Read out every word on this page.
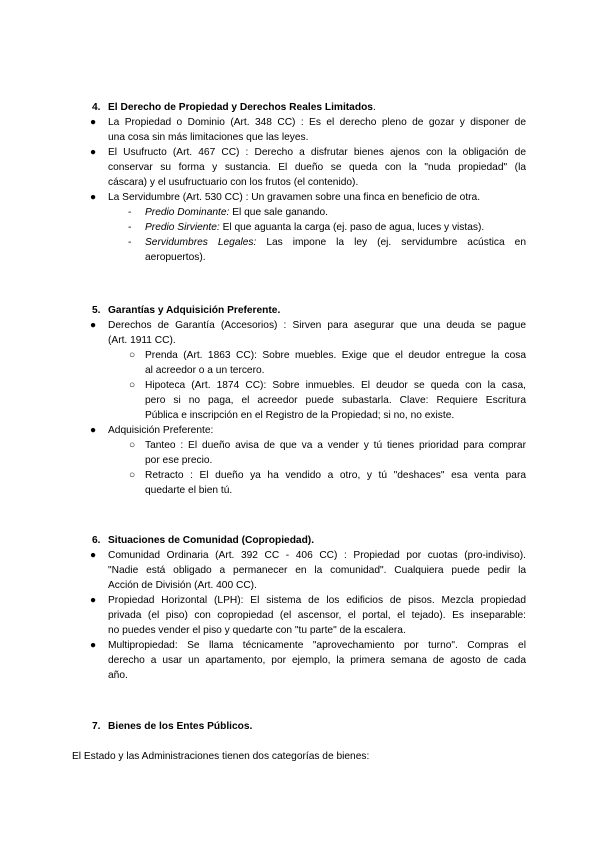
4. El Derecho de Propiedad y Derechos Reales Limitados.

● La Propiedad o Dominio (Art. 348 CC) : Es el derecho pleno de gozar y disponer de

una cosa sin más limitaciones que las leyes.

● El Usufructo (Art. 467 CC) : Derecho a disfrutar bienes ajenos con la obligación de

conservar su forma y sustancia. El dueño se queda con la "nuda propiedad" (la

cáscara) y el usufructuario con los frutos (el contenido).

● La Servidumbre (Art. 530 CC) : Un gravamen sobre una finca en beneficio de otra.

- Predio Dominante: El que sale ganando.

- Predio Sirviente: El que aguanta la carga (ej. paso de agua, luces y vistas).

- Servidumbres Legales: Las impone la ley (ej. servidumbre acústica en

aeropuertos).

5. Garantías y Adquisición Preferente.

● Derechos de Garantía (Accesorios) : Sirven para asegurar que una deuda se pague

(Art. 1911 CC).

○ Prenda (Art. 1863 CC): Sobre muebles. Exige que el deudor entregue la cosa

al acreedor o a un tercero.

○ Hipoteca (Art. 1874 CC): Sobre inmuebles. El deudor se queda con la casa,

pero si no paga, el acreedor puede subastarla. Clave: Requiere Escritura

Pública e inscripción en el Registro de la Propiedad; si no, no existe.

● Adquisición Preferente:

○ Tanteo : El dueño avisa de que va a vender y tú tienes prioridad para comprar

por ese precio.

○ Retracto : El dueño ya ha vendido a otro, y tú "deshaces" esa venta para

quedarte el bien tú.

6. Situaciones de Comunidad (Copropiedad).

● Comunidad Ordinaria (Art. 392 CC - 406 CC) : Propiedad por cuotas (pro-indiviso).

"Nadie está obligado a permanecer en la comunidad". Cualquiera puede pedir la

Acción de División (Art. 400 CC).

● Propiedad Horizontal (LPH): El sistema de los edificios de pisos. Mezcla propiedad

privada (el piso) con copropiedad (el ascensor, el portal, el tejado). Es inseparable:

no puedes vender el piso y quedarte con "tu parte" de la escalera.

● Multipropiedad: Se llama técnicamente "aprovechamiento por turno". Compras el

derecho a usar un apartamento, por ejemplo, la primera semana de agosto de cada

año.

7. Bienes de los Entes Públicos.

El Estado y las Administraciones tienen dos categorías de bienes:
